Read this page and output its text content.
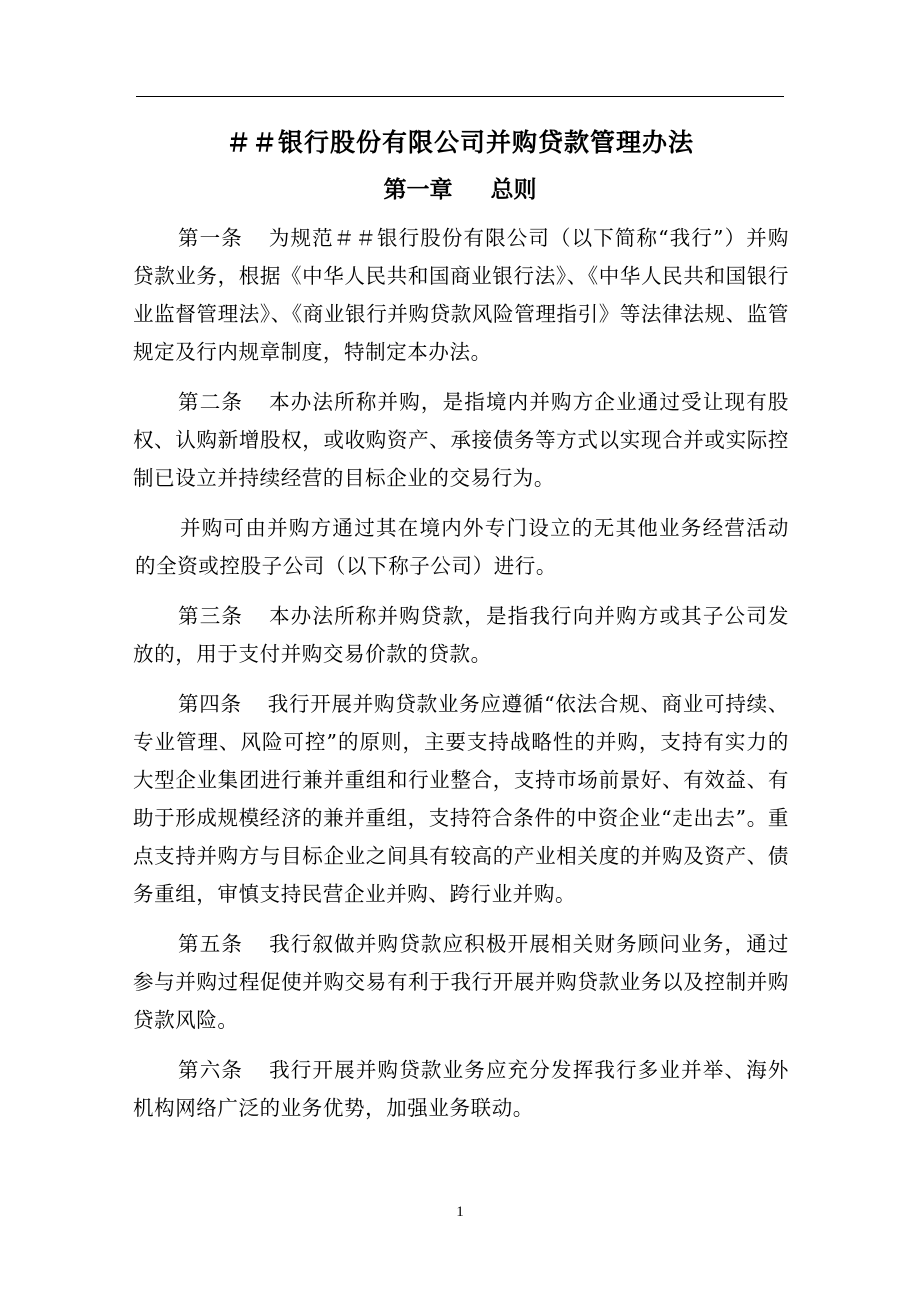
＃＃银行股份有限公司并购贷款管理办法
第一章 总则

第一条 为规范＃＃银行股份有限公司（以下简称“我行”）并购贷款业务，根据《中华人民共和国商业银行法》、《中华人民共和国银行业监督管理法》、《商业银行并购贷款风险管理指引》等法律法规、监管规定及行内规章制度，特制定本办法。

第二条 本办法所称并购，是指境内并购方企业通过受让现有股权、认购新增股权，或收购资产、承接债务等方式以实现合并或实际控制已设立并持续经营的目标企业的交易行为。

并购可由并购方通过其在境内外专门设立的无其他业务经营活动的全资或控股子公司（以下称子公司）进行。

第三条 本办法所称并购贷款，是指我行向并购方或其子公司发放的，用于支付并购交易价款的贷款。

第四条 我行开展并购贷款业务应遵循“依法合规、商业可持续、专业管理、风险可控”的原则，主要支持战略性的并购，支持有实力的大型企业集团进行兼并重组和行业整合，支持市场前景好、有效益、有助于形成规模经济的兼并重组，支持符合条件的中资企业“走出去”。重点支持并购方与目标企业之间具有较高的产业相关度的并购及资产、债务重组，审慎支持民营企业并购、跨行业并购。

第五条 我行叙做并购贷款应积极开展相关财务顾问业务，通过参与并购过程促使并购交易有利于我行开展并购贷款业务以及控制并购贷款风险。

第六条 我行开展并购贷款业务应充分发挥我行多业并举、海外机构网络广泛的业务优势，加强业务联动。

1
